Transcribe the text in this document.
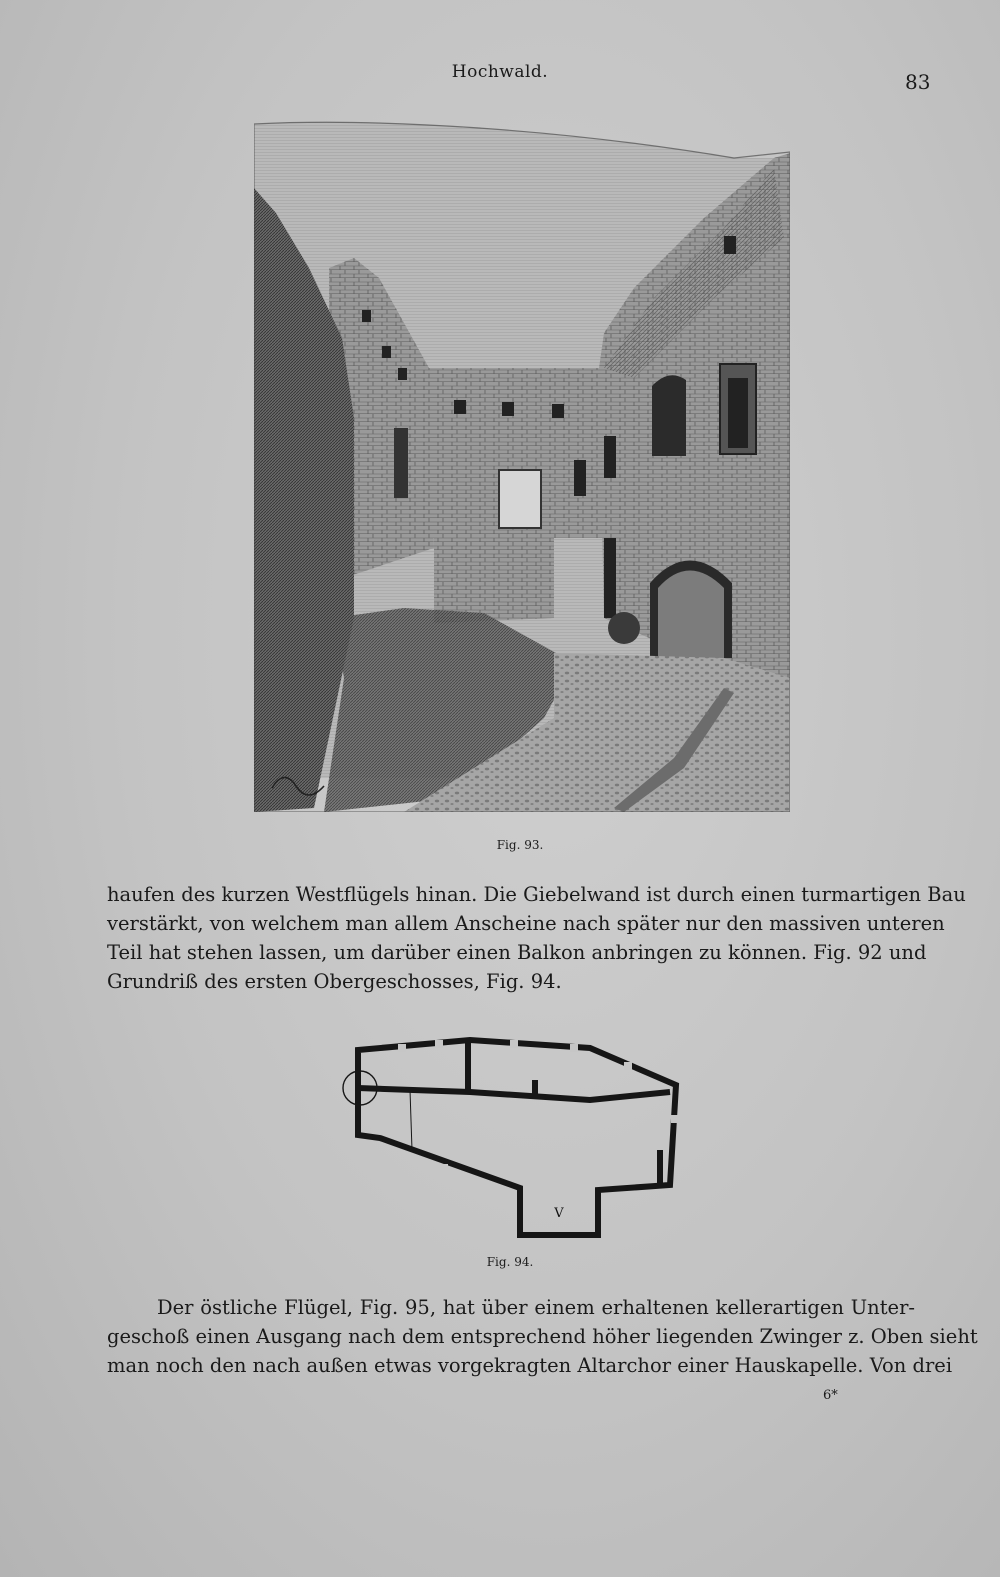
Hochwald.	83
Fig. 93.
haufen des kurzen Westflügels hinan. Die Giebelwand ist durch einen turmartigen Bau
verstärkt, von welchem man allem Anscheine nach später nur den massiven unteren
Teil hat stehen lassen, um darüber einen Balkon anbringen zu können. Fig. 92 und
Grundriß des ersten Obergeschosses, Fig. 94.
V
Fig. 94.
Der östliche Flügel, Fig. 95, hat über einem erhaltenen kellerartigen Unter-
geschoß einen Ausgang nach dem entsprechend höher liegenden Zwinger z. Oben sieht
man noch den nach außen etwas vorgekragten Altarchor einer Hauskapelle. Von drei
6*
